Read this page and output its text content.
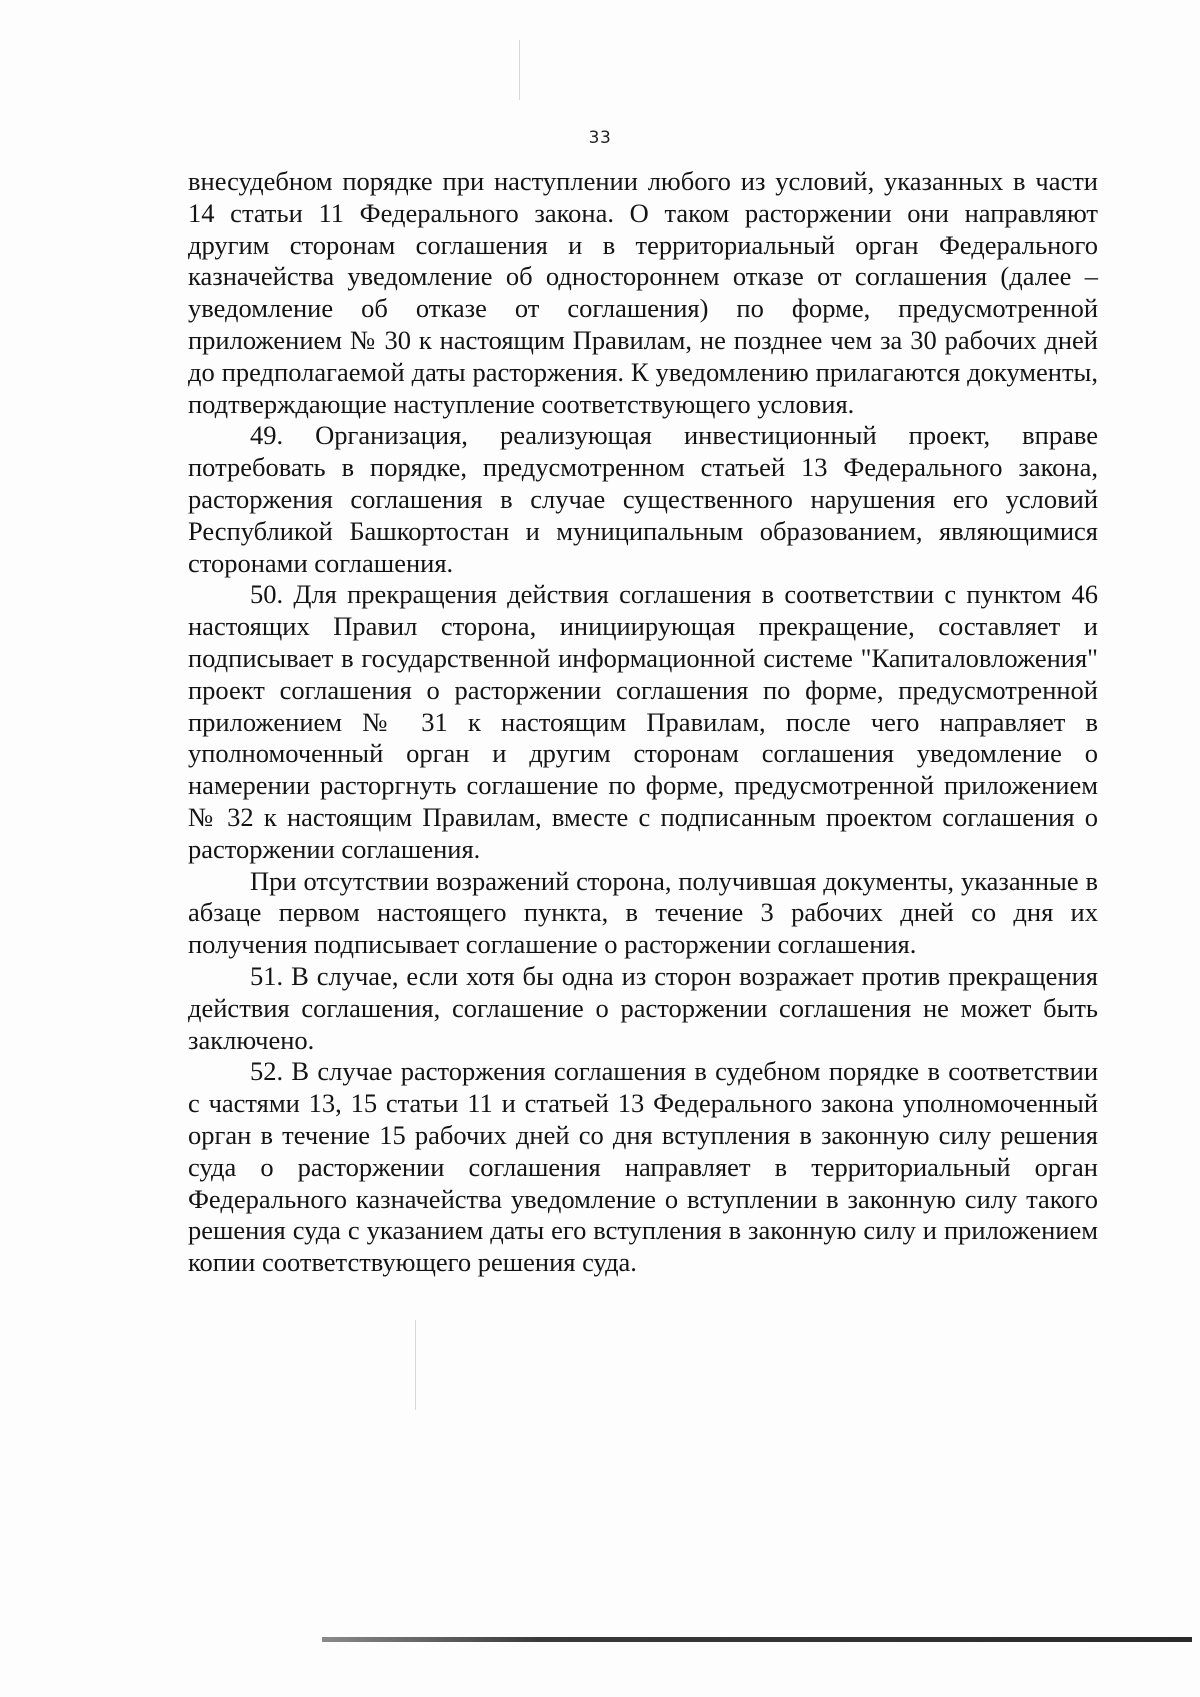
33

внесудебном порядке при наступлении любого из условий, указанных в части 14 статьи 11 Федерального закона. О таком расторжении они направляют другим сторонам соглашения и в территориальный орган Федерального казначейства уведомление об одностороннем отказе от соглашения (далее – уведомление об отказе от соглашения) по форме, предусмотренной приложением № 30 к настоящим Правилам, не позднее чем за 30 рабочих дней до предполагаемой даты расторжения. К уведомлению прилагаются документы, подтверждающие наступление соответствующего условия.

49. Организация, реализующая инвестиционный проект, вправе потребовать в порядке, предусмотренном статьей 13 Федерального закона, расторжения соглашения в случае существенного нарушения его условий Республикой Башкортостан и муниципальным образованием, являющимися сторонами соглашения.

50. Для прекращения действия соглашения в соответствии с пунктом 46 настоящих Правил сторона, инициирующая прекращение, составляет и подписывает в государственной информационной системе "Капиталовложения" проект соглашения о расторжении соглашения по форме, предусмотренной приложением № 31 к настоящим Правилам, после чего направляет в уполномоченный орган и другим сторонам соглашения уведомление о намерении расторгнуть соглашение по форме, предусмотренной приложением № 32 к настоящим Правилам, вместе с подписанным проектом соглашения о расторжении соглашения.

При отсутствии возражений сторона, получившая документы, указанные в абзаце первом настоящего пункта, в течение 3 рабочих дней со дня их получения подписывает соглашение о расторжении соглашения.

51. В случае, если хотя бы одна из сторон возражает против прекращения действия соглашения, соглашение о расторжении соглашения не может быть заключено.

52. В случае расторжения соглашения в судебном порядке в соответствии с частями 13, 15 статьи 11 и статьей 13 Федерального закона уполномоченный орган в течение 15 рабочих дней со дня вступления в законную силу решения суда о расторжении соглашения направляет в территориальный орган Федерального казначейства уведомление о вступлении в законную силу такого решения суда с указанием даты его вступления в законную силу и приложением копии соответствующего решения суда.
